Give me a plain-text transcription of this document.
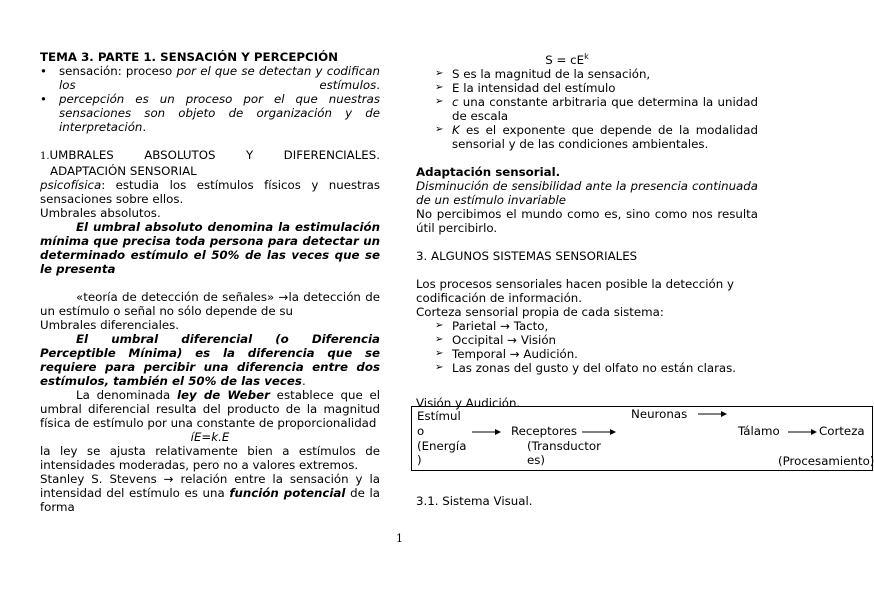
TEMA 3. PARTE 1. SENSACIÓN Y PERCEPCIÓN

• sensación: proceso por el que se detectan y codifican los estímulos.
• percepción es un proceso por el que nuestras sensaciones son objeto de organización y de interpretación.

1.UMBRALES ABSOLUTOS Y DIFERENCIALES.

ADAPTACIÓN SENSORIAL

psicofísica: estudia los estímulos físicos y nuestras sensaciones sobre ellos.

Umbrales absolutos.

El umbral absoluto denomina la estimulación mínima que precisa toda persona para detectar un determinado estímulo el 50% de las veces que se le presenta

«teoría de detección de señales» →la detección de un estímulo o señal no sólo depende de su

Umbrales diferenciales.

El umbral diferencial (o Diferencia Perceptible Mínima) es la diferencia que se requiere para percibir una diferencia entre dos estímulos, también el 50% de las veces.

La denominada ley de Weber establece que el umbral diferencial resulta del producto de la magnitud física de estímulo por una constante de proporcionalidad

íE=k.E

la ley se ajusta relativamente bien a estímulos de intensidades moderadas, pero no a valores extremos.

Stanley S. Stevens → relación entre la sensación y la intensidad del estímulo es una función potencial de la forma

$S = cE^k$

➢ S es la magnitud de la sensación,
➢ E la intensidad del estímulo
➢ c una constante arbitraria que determina la unidad de escala
➢ K es el exponente que depende de la modalidad sensorial y de las condiciones ambientales.

Adaptación sensorial.

Disminución de sensibilidad ante la presencia continuada de un estímulo invariable

No percibimos el mundo como es, sino como nos resulta útil percibirlo.

3. ALGUNOS SISTEMAS SENSORIALES

Los procesos sensoriales hacen posible la detección y codificación de información.

Corteza sensorial propia de cada sistema:

➢ Parietal → Tacto,
➢ Occipital → Visión
➢ Temporal → Audición.
➢ Las zonas del gusto y del olfato no están claras.

Visión y Audición.

Estímul
o
(Energía
)
Receptores
(Transductor
es)
Neuronas
Tálamo	Corteza
(Procesamiento)

3.1. Sistema Visual.

1
